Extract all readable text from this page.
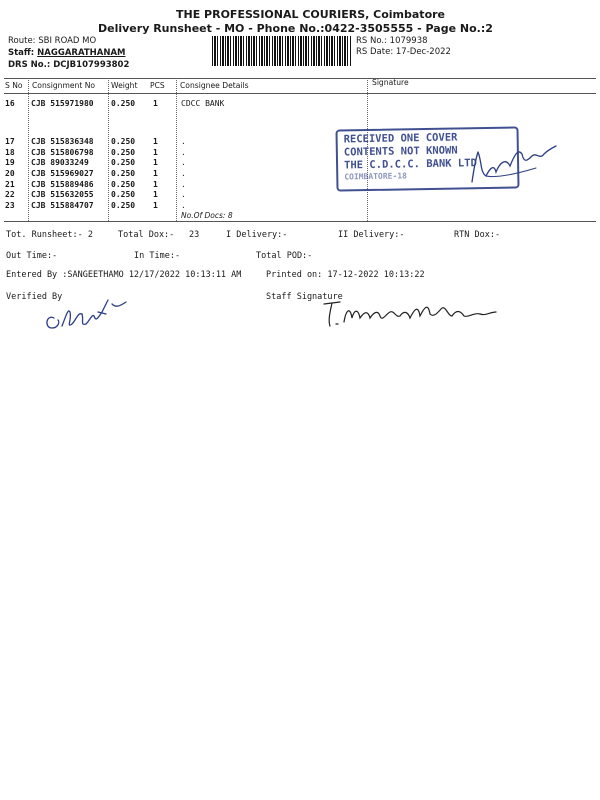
THE PROFESSIONAL COURIERS, Coimbatore
Delivery Runsheet - MO - Phone No.:0422-3505555 - Page No.:2
Route: SBI ROAD MO
Staff: NAGGARATHANAM
DRS No.: DCJB107993802
RS No.: 1079938
RS Date: 17-Dec-2022
S No Consignment No Weight PCS Consignee Details	Signature
16 CJB 515971980 0.250 1	CDCC BANK
17 CJB 515836348 0.250 1	.
18 CJB 515806798 0.250 1	.
19 CJB 89033249	0.250 1	.
20 CJB 515969027 0.250 1	.
21 CJB 515889486 0.250 1	.
22 CJB 515632055 0.250 1	.
23 CJB 515884707 0.250 1	.
No.Of Docs: 8
RECEIVED ONE COVER
CONTENTS NOT KNOWN
THE C.D.C.C. BANK LTD
COIMBATORE-18
Tot. Runsheet:- 2	Total Dox:- 23	I Delivery:-	II Delivery:-	RTN Dox:-
Out Time:-	In Time:-	Total POD:-
Entered By :SANGEETHAMO 12/17/2022 10:13:11 AM	Printed on: 17-12-2022 10:13:22
Verified By	Staff Signature
